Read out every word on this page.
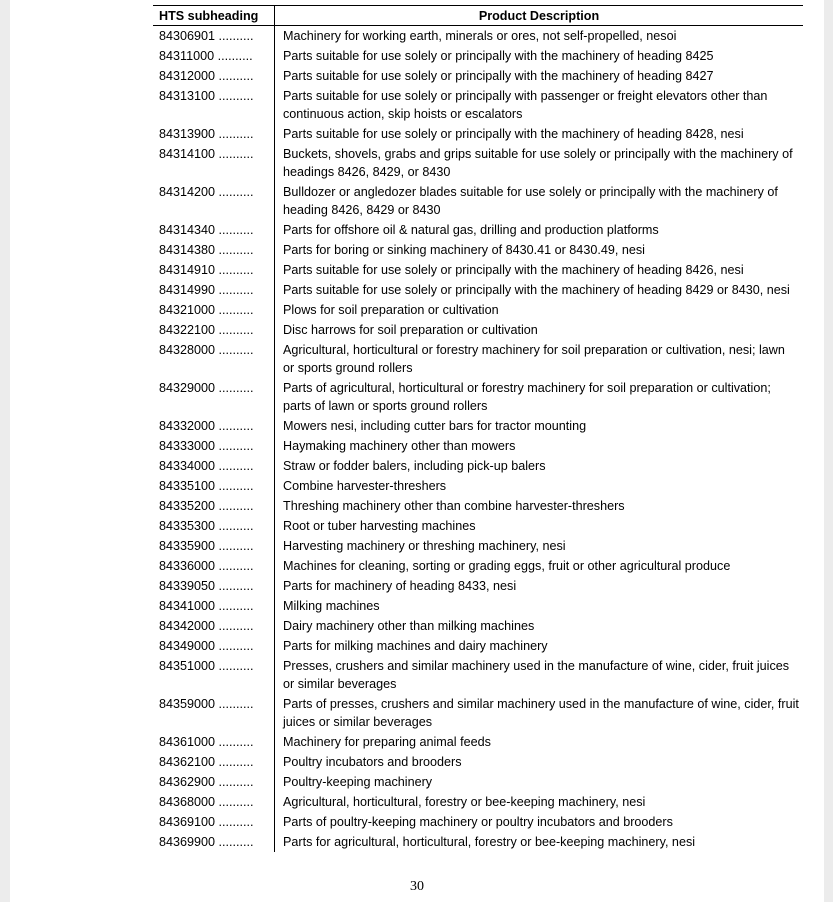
HTS subheading	Product Description
84306901 ..........	Machinery for working earth, minerals or ores, not self-propelled, nesoi
84311000 ..........	Parts suitable for use solely or principally with the machinery of heading 8425
84312000 ..........	Parts suitable for use solely or principally with the machinery of heading 8427
84313100 ..........	Parts suitable for use solely or principally with passenger or freight elevators other than continuous action, skip hoists or escalators
84313900 ..........	Parts suitable for use solely or principally with the machinery of heading 8428, nesi
84314100 ..........	Buckets, shovels, grabs and grips suitable for use solely or principally with the machinery of headings 8426, 8429, or 8430
84314200 ..........	Bulldozer or angledozer blades suitable for use solely or principally with the machinery of heading 8426, 8429 or 8430
84314340 ..........	Parts for offshore oil & natural gas, drilling and production platforms
84314380 ..........	Parts for boring or sinking machinery of 8430.41 or 8430.49, nesi
84314910 ..........	Parts suitable for use solely or principally with the machinery of heading 8426, nesi
84314990 ..........	Parts suitable for use solely or principally with the machinery of heading 8429 or 8430, nesi
84321000 ..........	Plows for soil preparation or cultivation
84322100 ..........	Disc harrows for soil preparation or cultivation
84328000 ..........	Agricultural, horticultural or forestry machinery for soil preparation or cultivation, nesi; lawn or sports ground rollers
84329000 ..........	Parts of agricultural, horticultural or forestry machinery for soil preparation or cultivation; parts of lawn or sports ground rollers
84332000 ..........	Mowers nesi, including cutter bars for tractor mounting
84333000 ..........	Haymaking machinery other than mowers
84334000 ..........	Straw or fodder balers, including pick-up balers
84335100 ..........	Combine harvester-threshers
84335200 ..........	Threshing machinery other than combine harvester-threshers
84335300 ..........	Root or tuber harvesting machines
84335900 ..........	Harvesting machinery or threshing machinery, nesi
84336000 ..........	Machines for cleaning, sorting or grading eggs, fruit or other agricultural produce
84339050 ..........	Parts for machinery of heading 8433, nesi
84341000 ..........	Milking machines
84342000 ..........	Dairy machinery other than milking machines
84349000 ..........	Parts for milking machines and dairy machinery
84351000 ..........	Presses, crushers and similar machinery used in the manufacture of wine, cider, fruit juices or similar beverages
84359000 ..........	Parts of presses, crushers and similar machinery used in the manufacture of wine, cider, fruit juices or similar beverages
84361000 ..........	Machinery for preparing animal feeds
84362100 ..........	Poultry incubators and brooders
84362900 ..........	Poultry-keeping machinery
84368000 ..........	Agricultural, horticultural, forestry or bee-keeping machinery, nesi
84369100 ..........	Parts of poultry-keeping machinery or poultry incubators and brooders
84369900 ..........	Parts for agricultural, horticultural, forestry or bee-keeping machinery, nesi
30
